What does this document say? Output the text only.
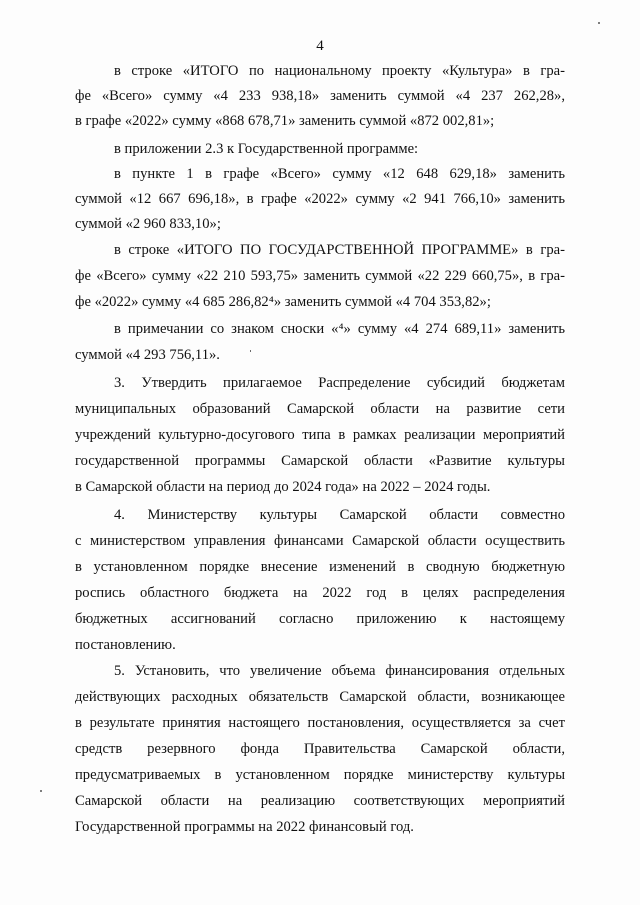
4
в строке «ИТОГО по национальному проекту «Культура» в гра-
фе «Всего» сумму «4 233 938,18» заменить суммой «4 237 262,28»,
в графе «2022» сумму «868 678,71» заменить суммой «872 002,81»;
в приложении 2.3 к Государственной программе:
в пункте 1 в графе «Всего» сумму «12 648 629,18» заменить
суммой «12 667 696,18», в графе «2022» сумму «2 941 766,10» заменить
суммой «2 960 833,10»;
в строке «ИТОГО ПО ГОСУДАРСТВЕННОЙ ПРОГРАММЕ» в гра-
фе «Всего» сумму «22 210 593,75» заменить суммой «22 229 660,75», в гра-
фе «2022» сумму «4 685 286,82⁴» заменить суммой «4 704 353,82»;
в примечании со знаком сноски «⁴» сумму «4 274 689,11» заменить
суммой «4 293 756,11».
3. Утвердить прилагаемое Распределение субсидий бюджетам
муниципальных образований Самарской области на развитие сети
учреждений культурно-досугового типа в рамках реализации мероприятий
государственной программы Самарской области «Развитие культуры
в Самарской области на период до 2024 года» на 2022 – 2024 годы.
4. Министерству культуры Самарской области совместно
с министерством управления финансами Самарской области осуществить
в установленном порядке внесение изменений в сводную бюджетную
роспись областного бюджета на 2022 год в целях распределения
бюджетных ассигнований согласно приложению к настоящему
постановлению.
5. Установить, что увеличение объема финансирования отдельных
действующих расходных обязательств Самарской области, возникающее
в результате принятия настоящего постановления, осуществляется за счет
средств резервного фонда Правительства Самарской области,
предусматриваемых в установленном порядке министерству культуры
Самарской области на реализацию соответствующих мероприятий
Государственной программы на 2022 финансовый год.
